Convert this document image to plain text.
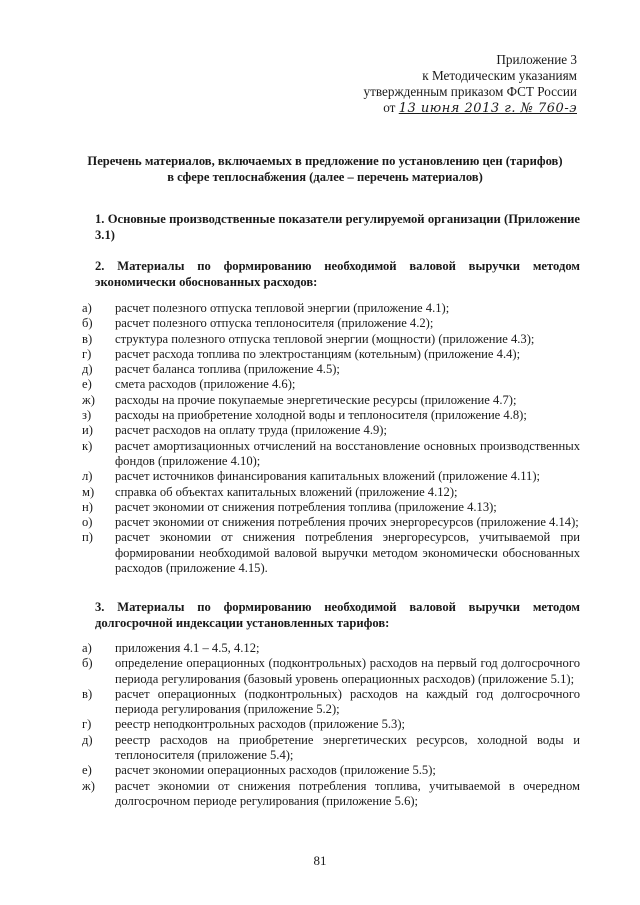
Приложение 3
к Методическим указаниям
утвержденным приказом ФСТ России
от 13 июня 2013 г. № 760-э
Перечень материалов, включаемых в предложение по установлению цен (тарифов)
в сфере теплоснабжения (далее – перечень материалов)
1. Основные производственные показатели регулируемой организации (Приложение 3.1)
2. Материалы по формированию необходимой валовой выручки методом экономически обоснованных расходов:
а) расчет полезного отпуска тепловой энергии (приложение 4.1);
б) расчет полезного отпуска теплоносителя (приложение 4.2);
в) структура полезного отпуска тепловой энергии (мощности) (приложение 4.3);
г) расчет расхода топлива по электростанциям (котельным) (приложение 4.4);
д) расчет баланса топлива (приложение 4.5);
е) смета расходов (приложение 4.6);
ж) расходы на прочие покупаемые энергетические ресурсы (приложение 4.7);
з) расходы на приобретение холодной воды и теплоносителя (приложение 4.8);
и) расчет расходов на оплату труда (приложение 4.9);
к) расчет амортизационных отчислений на восстановление основных производственных фондов (приложение 4.10);
л) расчет источников финансирования капитальных вложений (приложение 4.11);
м) справка об объектах капитальных вложений (приложение 4.12);
н) расчет экономии от снижения потребления топлива (приложение 4.13);
о) расчет экономии от снижения потребления прочих энергоресурсов (приложение 4.14);
п) расчет экономии от снижения потребления энергоресурсов, учитываемой при формировании необходимой валовой выручки методом экономически обоснованных расходов (приложение 4.15).
3. Материалы по формированию необходимой валовой выручки методом долгосрочной индексации установленных тарифов:
а) приложения 4.1 – 4.5, 4.12;
б) определение операционных (подконтрольных) расходов на первый год долгосрочного периода регулирования (базовый уровень операционных расходов) (приложение 5.1);
в) расчет операционных (подконтрольных) расходов на каждый год долгосрочного периода регулирования (приложение 5.2);
г) реестр неподконтрольных расходов (приложение 5.3);
д) реестр расходов на приобретение энергетических ресурсов, холодной воды и теплоносителя (приложение 5.4);
е) расчет экономии операционных расходов (приложение 5.5);
ж) расчет экономии от снижения потребления топлива, учитываемой в очередном долгосрочном периоде регулирования (приложение 5.6);
81
